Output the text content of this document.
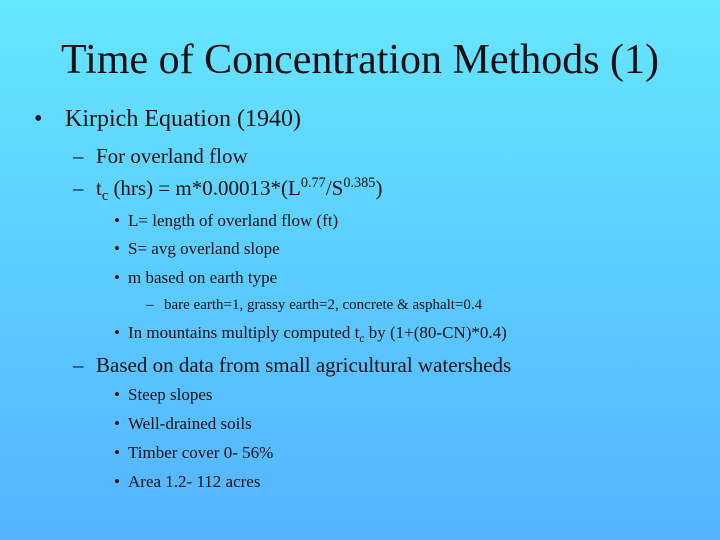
Time of Concentration Methods (1)
• Kirpich Equation (1940)
– For overland flow
– $t_c$ $(hrs) = m*0.00013*(L^{0.77}/S^{0.385})$
• L= length of overland flow (ft)
• S= avg overland slope
• m based on earth type
– bare earth=1, grassy earth=2, concrete & asphalt=0.4
• In mountains multiply computed $t_c$ by (1+(80-CN)*0.4)
– Based on data from small agricultural watersheds
• Steep slopes
• Well-drained soils
• Timber cover 0- 56%
• Area 1.2- 112 acres
